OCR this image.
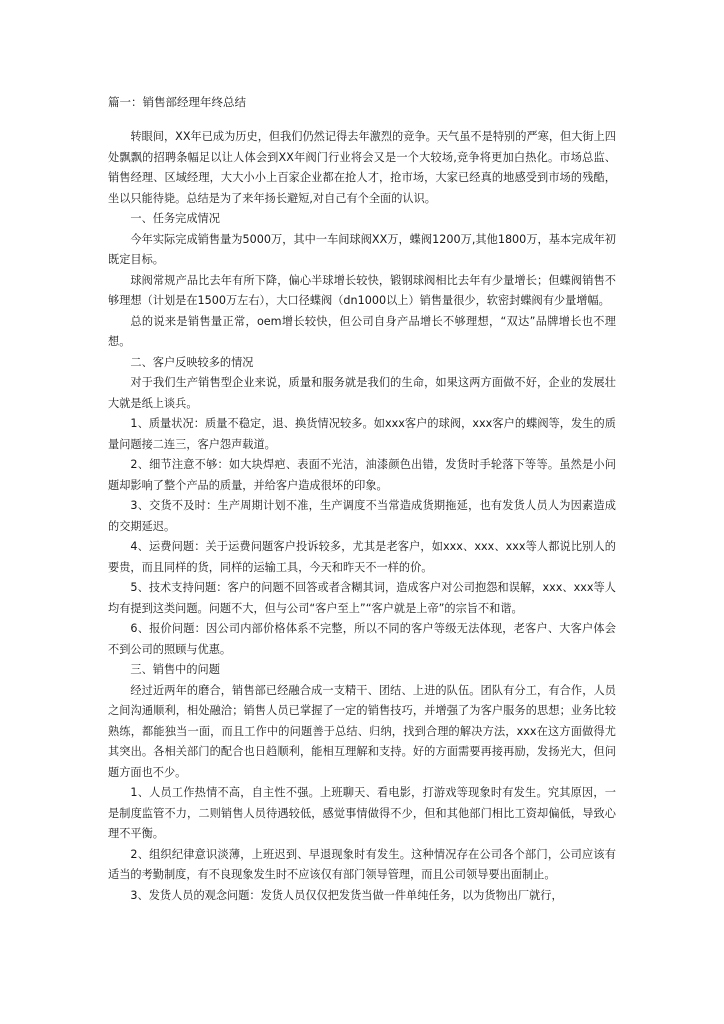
篇一：销售部经理年终总结

转眼间，XX年已成为历史，但我们仍然记得去年激烈的竞争。天气虽不是特别的严寒，但大街上四处飘飘的招聘条幅足以让人体会到XX年阀门行业将会又是一个大较场,竞争将更加白热化。市场总监、销售经理、区域经理，大大小小上百家企业都在抢人才，抢市场，大家已经真的地感受到市场的残酷，坐以只能待毙。总结是为了来年扬长避短,对自己有个全面的认识。

一、任务完成情况

今年实际完成销售量为5000万，其中一车间球阀XX万，蝶阀1200万,其他1800万，基本完成年初既定目标。

球阀常规产品比去年有所下降，偏心半球增长较快，锻钢球阀相比去年有少量增长；但蝶阀销售不够理想（计划是在1500万左右），大口径蝶阀（dn1000以上）销售量很少，软密封蝶阀有少量增幅。

总的说来是销售量正常，oem增长较快，但公司自身产品增长不够理想，“双达”品牌增长也不理想。

二、客户反映较多的情况

对于我们生产销售型企业来说，质量和服务就是我们的生命，如果这两方面做不好，企业的发展壮大就是纸上谈兵。

1、质量状况：质量不稳定，退、换货情况较多。如xxx客户的球阀，xxx客户的蝶阀等，发生的质量问题接二连三，客户怨声载道。

2、细节注意不够：如大块焊疤、表面不光洁，油漆颜色出错，发货时手轮落下等等。虽然是小问题却影响了整个产品的质量，并给客户造成很坏的印象。

3、交货不及时：生产周期计划不准，生产调度不当常造成货期拖延，也有发货人员人为因素造成的交期延迟。

4、运费问题：关于运费问题客户投诉较多，尤其是老客户，如xxx、xxx、xxx等人都说比别人的要贵，而且同样的货，同样的运输工具，今天和昨天不一样的价。

5、技术支持问题：客户的问题不回答或者含糊其词，造成客户对公司抱怨和误解，xxx、xxx等人均有提到这类问题。问题不大，但与公司“客户至上”“客户就是上帝”的宗旨不和谐。

6、报价问题：因公司内部价格体系不完整，所以不同的客户等级无法体现，老客户、大客户体会不到公司的照顾与优惠。

三、销售中的问题

经过近两年的磨合，销售部已经融合成一支精干、团结、上进的队伍。团队有分工，有合作，人员之间沟通顺利，相处融洽；销售人员已掌握了一定的销售技巧，并增强了为客户服务的思想；业务比较熟练，都能独当一面，而且工作中的问题善于总结、归纳，找到合理的解决方法，xxx在这方面做得尤其突出。各相关部门的配合也日趋顺利，能相互理解和支持。好的方面需要再接再励，发扬光大，但问题方面也不少。

1、人员工作热情不高，自主性不强。上班聊天、看电影，打游戏等现象时有发生。究其原因，一是制度监管不力，二则销售人员待遇较低，感觉事情做得不少，但和其他部门相比工资却偏低，导致心理不平衡。

2、组织纪律意识淡薄，上班迟到、早退现象时有发生。这种情况存在公司各个部门，公司应该有适当的考勤制度，有不良现象发生时不应该仅有部门领导管理，而且公司领导要出面制止。

3、发货人员的观念问题：发货人员仅仅把发货当做一件单纯任务，以为货物出厂就行，
